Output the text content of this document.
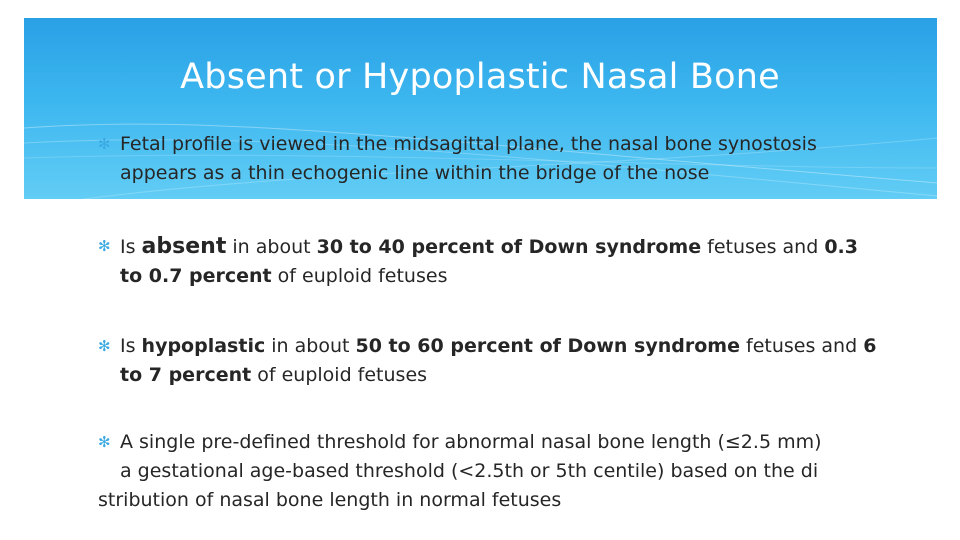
Absent or Hypoplastic Nasal Bone
✻ Fetal profile is viewed in the midsagittal plane, the nasal bone synostosis appears as a thin echogenic line within the bridge of the nose
✻ Is absent in about 30 to 40 percent of Down syndrome fetuses and 0.3 to 0.7 percent of euploid fetuses
✻ Is hypoplastic in about 50 to 60 percent of Down syndrome fetuses and 6 to 7 percent of euploid fetuses
✻ A single pre-defined threshold for abnormal nasal bone length (≤2.5 mm)
a gestational age-based threshold (<2.5th or 5th centile) based on the di
stribution of nasal bone length in normal fetuses
